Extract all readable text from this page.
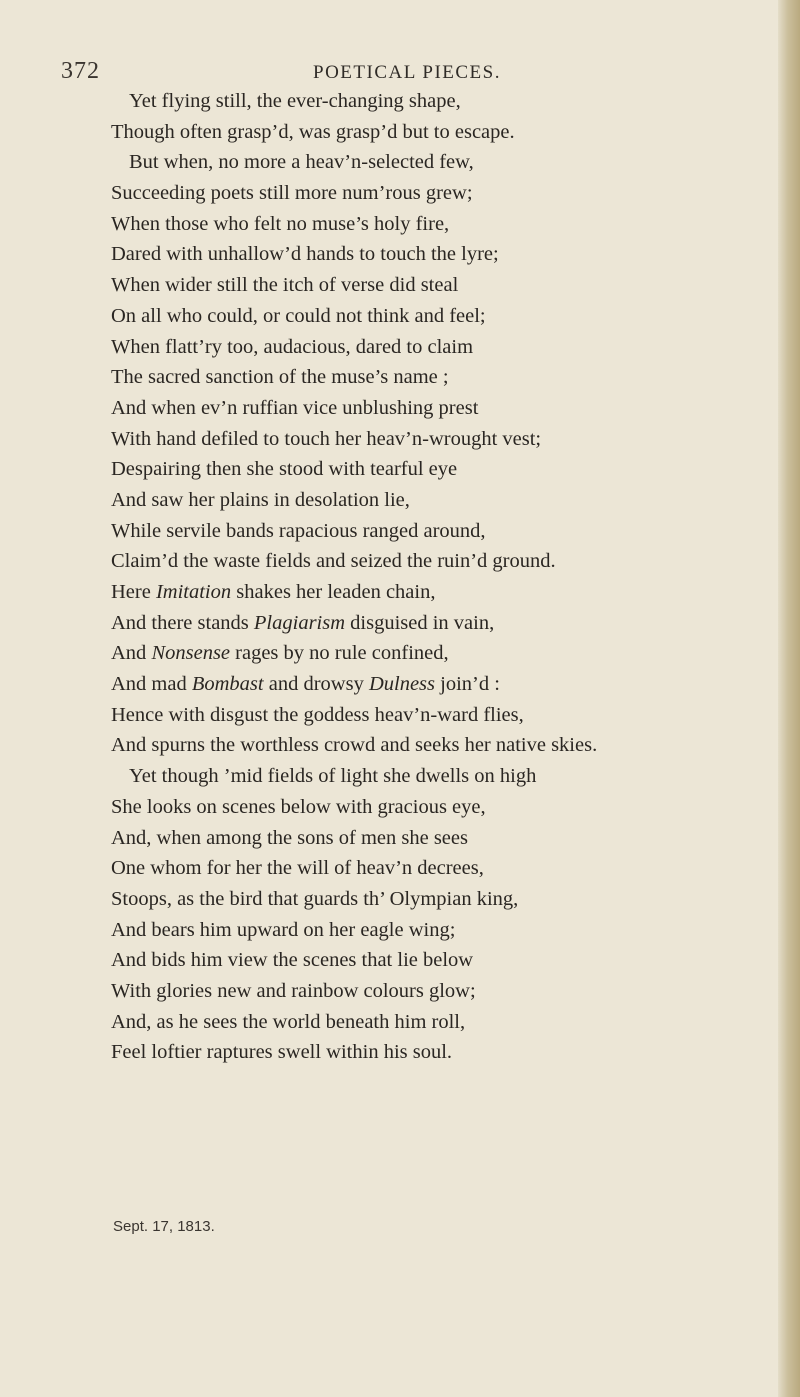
372	POETICAL PIECES.
Yet flying still, the ever-changing shape,
Though often grasp’d, was grasp’d but to escape.
But when, no more a heav’n-selected few,
Succeeding poets still more num’rous grew;
When those who felt no muse’s holy fire,
Dared with unhallow’d hands to touch the lyre;
When wider still the itch of verse did steal
On all who could, or could not think and feel;
When flatt’ry too, audacious, dared to claim
The sacred sanction of the muse’s name ;
And when ev’n ruffian vice unblushing prest
With hand defiled to touch her heav’n-wrought vest;
Despairing then she stood with tearful eye
And saw her plains in desolation lie,
While servile bands rapacious ranged around,
Claim’d the waste fields and seized the ruin’d ground.
Here Imitation shakes her leaden chain,
And there stands Plagiarism disguised in vain,
And Nonsense rages by no rule confined,
And mad Bombast and drowsy Dulness join’d :
Hence with disgust the goddess heav’n-ward flies,
And spurns the worthless crowd and seeks her native skies.
Yet though ’mid fields of light she dwells on high
She looks on scenes below with gracious eye,
And, when among the sons of men she sees
One whom for her the will of heav’n decrees,
Stoops, as the bird that guards th’ Olympian king,
And bears him upward on her eagle wing;
And bids him view the scenes that lie below
With glories new and rainbow colours glow;
And, as he sees the world beneath him roll,
Feel loftier raptures swell within his soul.
Sept. 17, 1813.
